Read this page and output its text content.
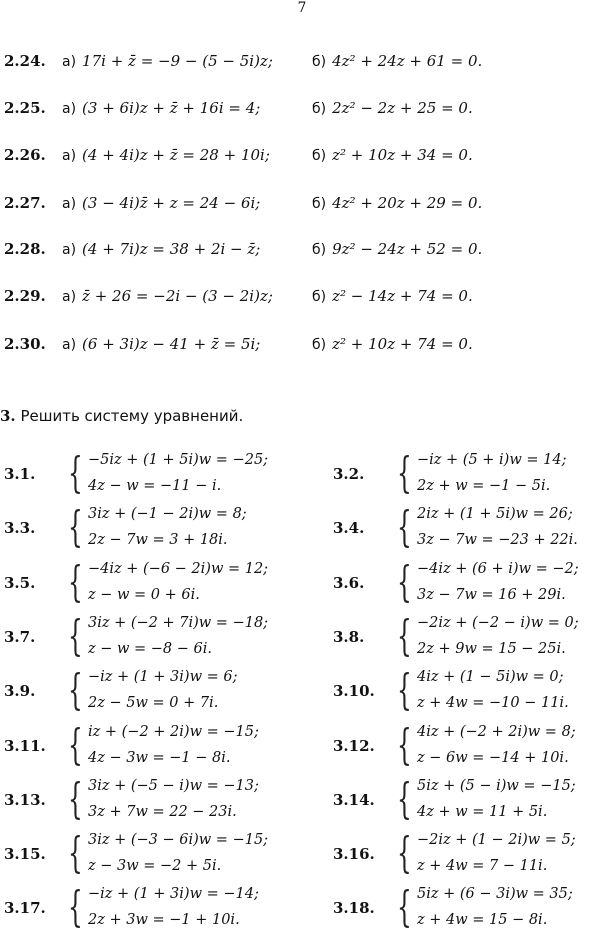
7
2.24. а) 17i + z̄ = −9 − (5 − 5i)z;	б) 4z² + 24z + 61 = 0.
2.25. а) (3 + 6i)z + z̄ + 16i = 4;	б) 2z² − 2z + 25 = 0.
2.26. а) (4 + 4i)z + z̄ = 28 + 10i;	б) z² + 10z + 34 = 0.
2.27. а) (3 − 4i)z̄ + z = 24 − 6i;	б) 4z² + 20z + 29 = 0.
2.28. а) (4 + 7i)z = 38 + 2i − z̄;	б) 9z² − 24z + 52 = 0.
2.29. а) z̄ + 26 = −2i − (3 − 2i)z;	б) z² − 14z + 74 = 0.
2.30. а) (6 + 3i)z − 41 + z̄ = 5i;	б) z² + 10z + 74 = 0.
3. Решить систему уравнений.
3.1. { −5iz + (1 + 5i)w = −25;
4z − w = −11 − i.
3.2. { −iz + (5 + i)w = 14;
2z + w = −1 − 5i.
3.3. { 3iz + (−1 − 2i)w = 8;
2z − 7w = 3 + 18i.
3.4. { 2iz + (1 + 5i)w = 26;
3z − 7w = −23 + 22i.
3.5. { −4iz + (−6 − 2i)w = 12;
z − w = 0 + 6i.
3.6. { −4iz + (6 + i)w = −2;
3z − 7w = 16 + 29i.
3.7. { 3iz + (−2 + 7i)w = −18;
z − w = −8 − 6i.
3.8. { −2iz + (−2 − i)w = 0;
2z + 9w = 15 − 25i.
3.9. { −iz + (1 + 3i)w = 6;
2z − 5w = 0 + 7i.
3.10. { 4iz + (1 − 5i)w = 0;
z + 4w = −10 − 11i.
3.11. { iz + (−2 + 2i)w = −15;
4z − 3w = −1 − 8i.
3.12. { 4iz + (−2 + 2i)w = 8;
z − 6w = −14 + 10i.
3.13. { 3iz + (−5 − i)w = −13;
3z + 7w = 22 − 23i.
3.14. { 5iz + (5 − i)w = −15;
4z + w = 11 + 5i.
3.15. { 3iz + (−3 − 6i)w = −15;
z − 3w = −2 + 5i.
3.16. { −2iz + (1 − 2i)w = 5;
z + 4w = 7 − 11i.
3.17. { −iz + (1 + 3i)w = −14;
2z + 3w = −1 + 10i.
3.18. { 5iz + (6 − 3i)w = 35;
z + 4w = 15 − 8i.
